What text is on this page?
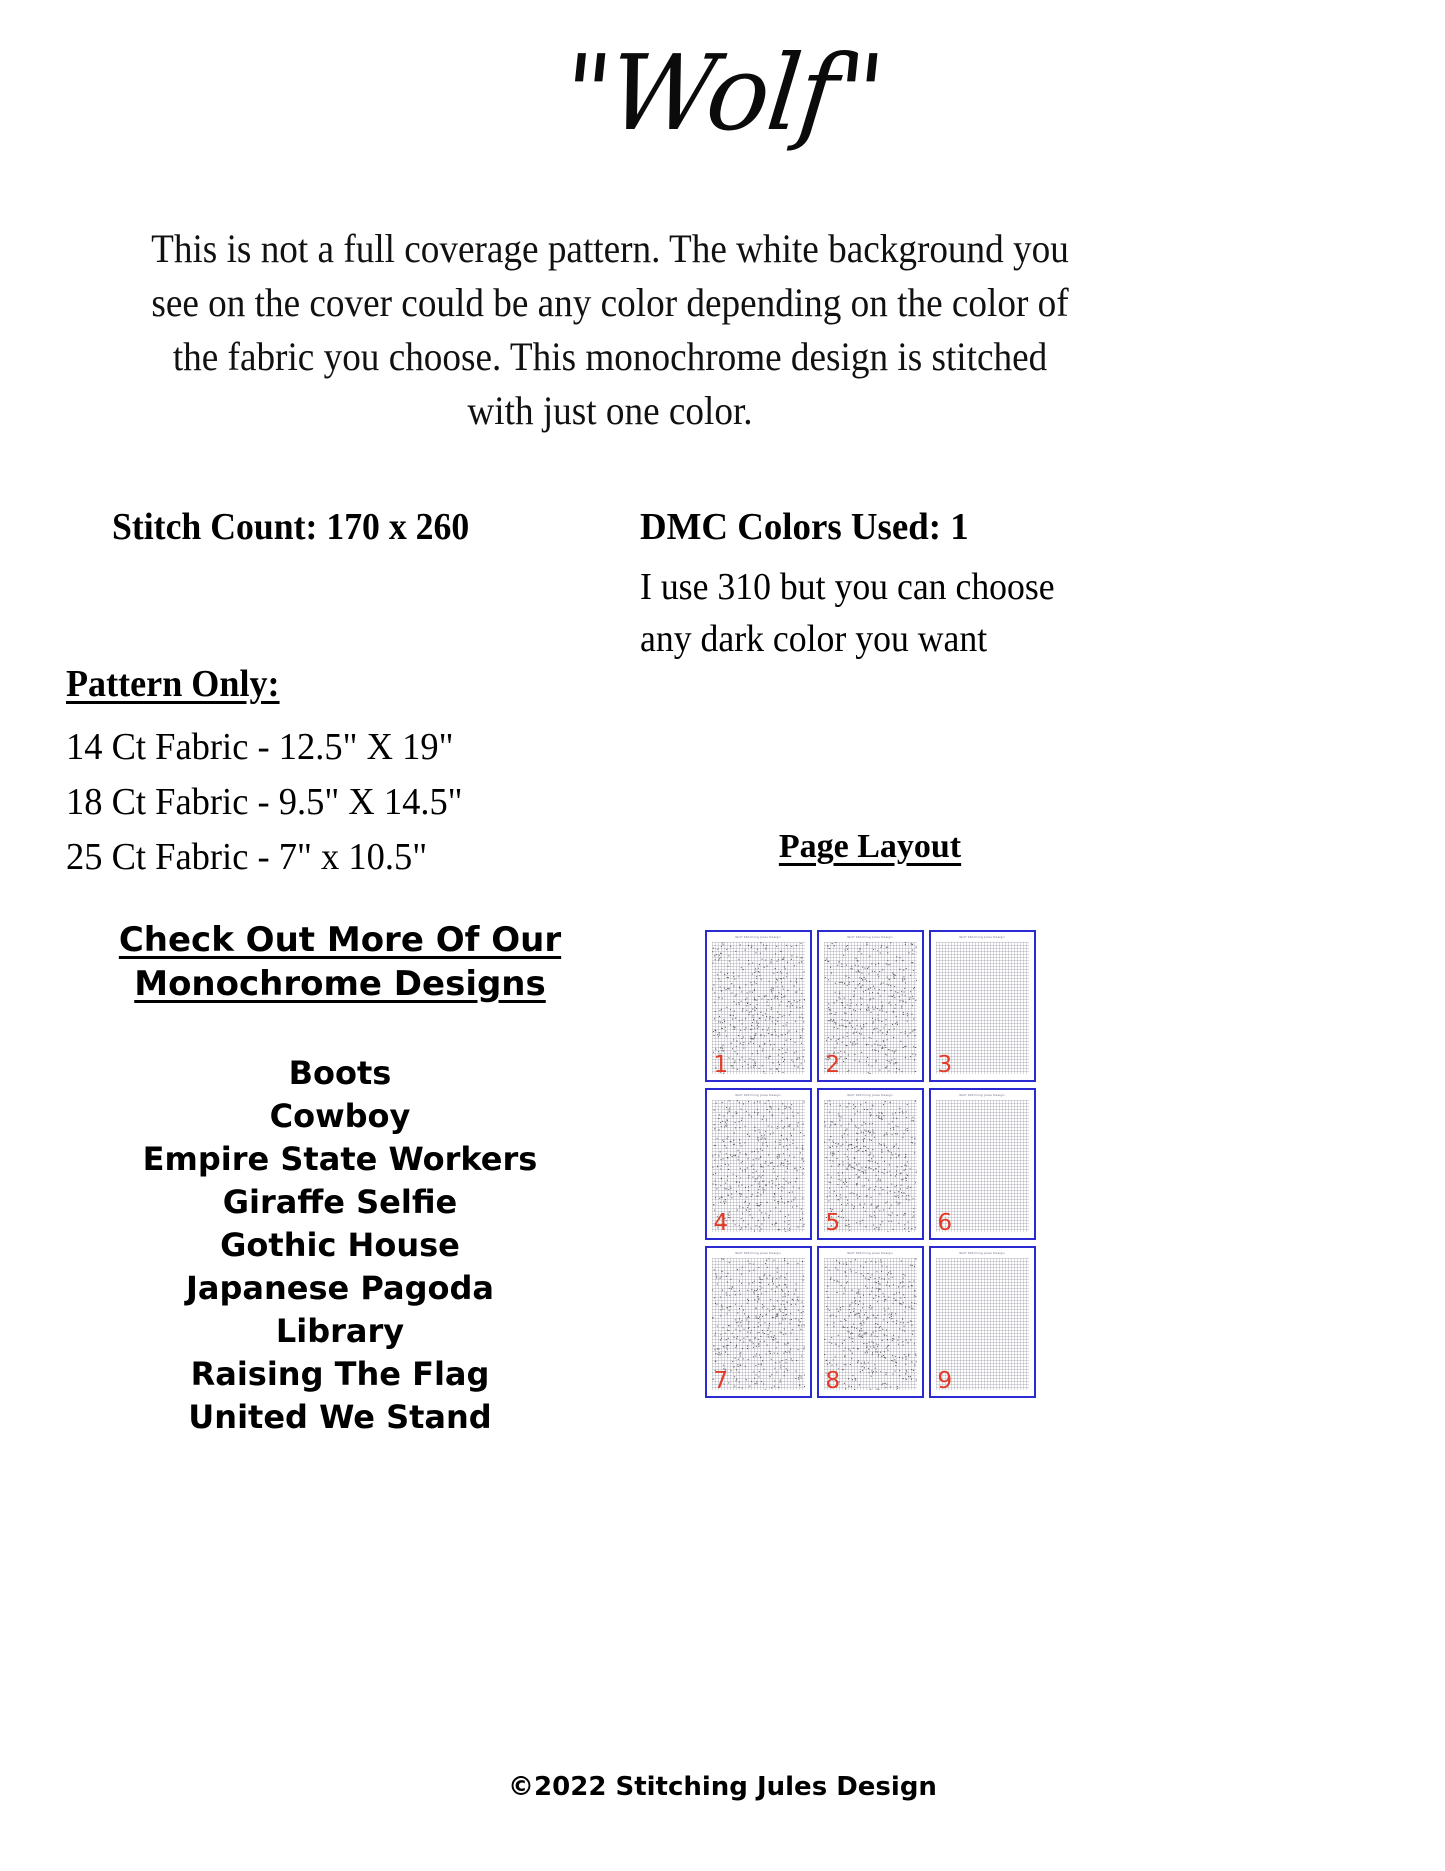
"Wolf"
This is not a full coverage pattern. The white background you see on the cover could be any color depending on the color of the fabric you choose. This monochrome design is stitched with just one color.
Stitch Count: 170 x 260	DMC Colors Used: 1
I use 310 but you can choose
any dark color you want
Pattern Only:
14 Ct Fabric - 12.5" X 19"
18 Ct Fabric - 9.5" X 14.5"
25 Ct Fabric - 7" x 10.5"
Check Out More Of Our
Monochrome Designs
Boots
Cowboy
Empire State Workers
Giraffe Selfie
Gothic House
Japanese Pagoda
Library
Raising The Flag
United We Stand
Page Layout
Wolf Stitching Jules Design
1
Wolf Stitching Jules Design
2
Wolf Stitching Jules Design
3
Wolf Stitching Jules Design
4
Wolf Stitching Jules Design
5
Wolf Stitching Jules Design
6
Wolf Stitching Jules Design
7
Wolf Stitching Jules Design
8
Wolf Stitching Jules Design
9
©2022 Stitching Jules Design
